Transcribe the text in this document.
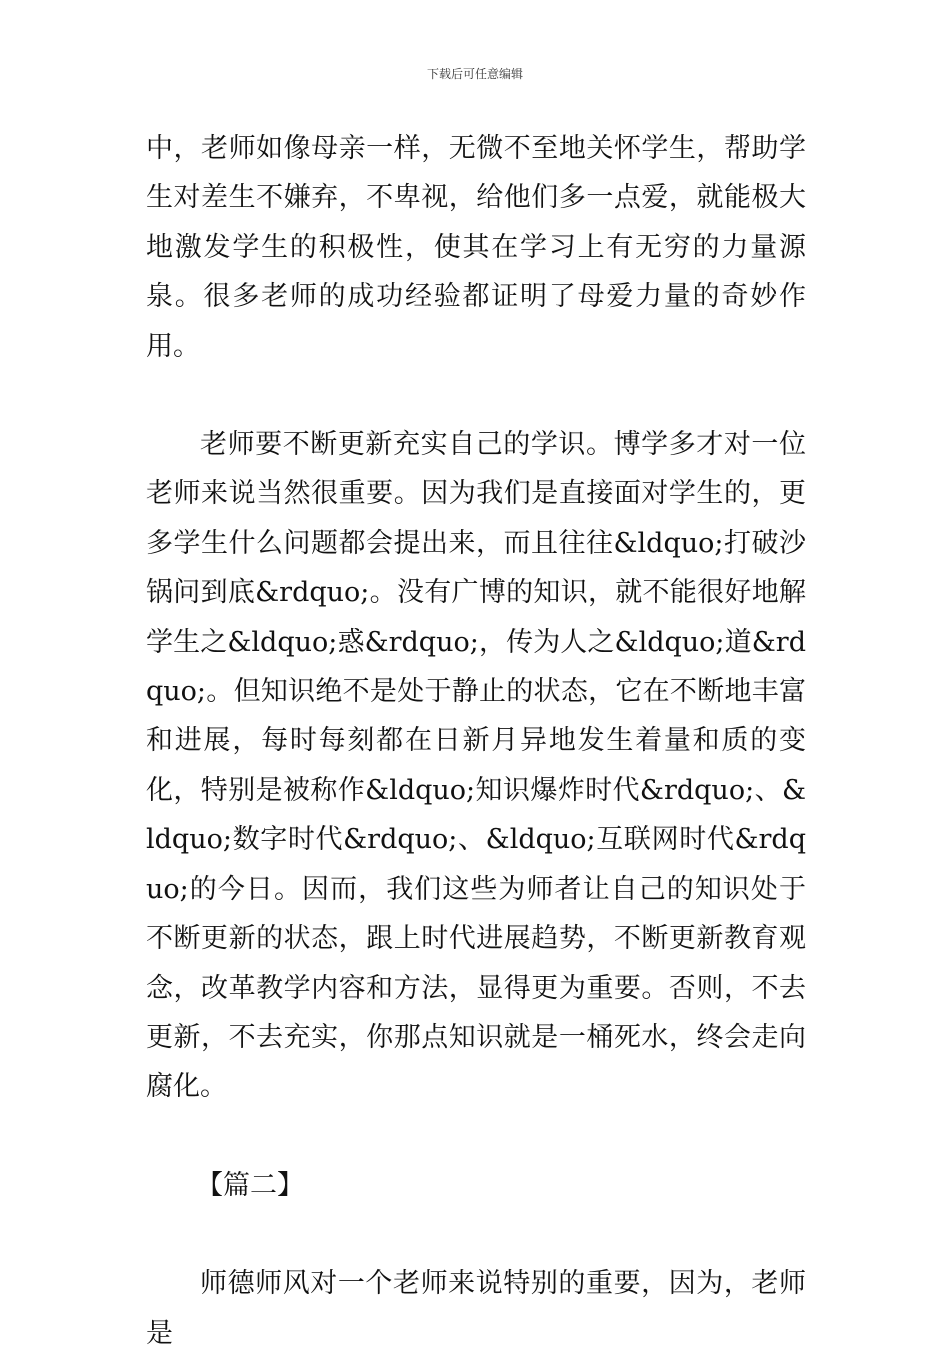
下载后可任意编辑

中，老师如像母亲一样，无微不至地关怀学生，帮助学生对差生不嫌弃，不卑视，给他们多一点爱，就能极大地激发学生的积极性，使其在学习上有无穷的力量源泉。很多老师的成功经验都证明了母爱力量的奇妙作用。

老师要不断更新充实自己的学识。博学多才对一位老师来说当然很重要。因为我们是直接面对学生的，更多学生什么问题都会提出来，而且往往&ldquo;打破沙锅问到底&rdquo;。没有广博的知识，就不能很好地解学生之&ldquo;惑&rdquo;，传为人之&ldquo;道&rdquo;。但知识绝不是处于静止的状态，它在不断地丰富和进展，每时每刻都在日新月异地发生着量和质的变化，特别是被称作&ldquo;知识爆炸时代&rdquo;、&ldquo;数字时代&rdquo;、&ldquo;互联网时代&rdquo;的今日。因而，我们这些为师者让自己的知识处于不断更新的状态，跟上时代进展趋势，不断更新教育观念，改革教学内容和方法，显得更为重要。否则，不去更新，不去充实，你那点知识就是一桶死水，终会走向腐化。

【篇二】

师德师风对一个老师来说特别的重要，因为，老师是
